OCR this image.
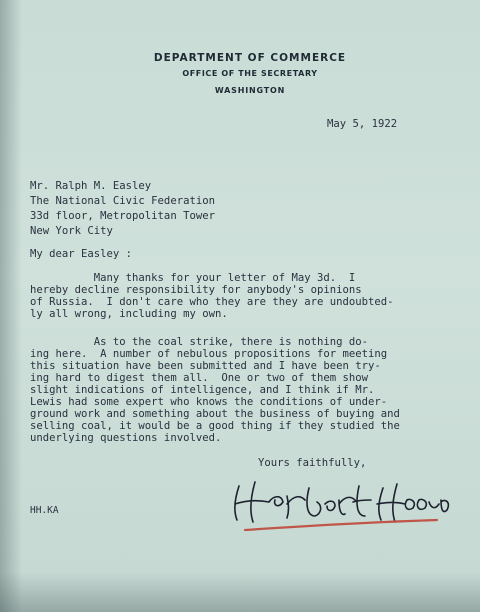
DEPARTMENT OF COMMERCE
OFFICE OF THE SECRETARY
WASHINGTON
May 5, 1922
Mr. Ralph M. Easley
The National Civic Federation
33d floor, Metropolitan Tower
New York City
My dear Easley :
Many thanks for your letter of May 3d.  I
hereby decline responsibility for anybody's opinions
of Russia.  I don't care who they are they are undoubted-
ly all wrong, including my own.
As to the coal strike, there is nothing do-
ing here.  A number of nebulous propositions for meeting
this situation have been submitted and I have been try-
ing hard to digest them all.  One or two of them show
slight indications of intelligence, and I think if Mr.
Lewis had some expert who knows the conditions of under-
ground work and something about the business of buying and
selling coal, it would be a good thing if they studied the
underlying questions involved.
Yours faithfully,
HH.KA
